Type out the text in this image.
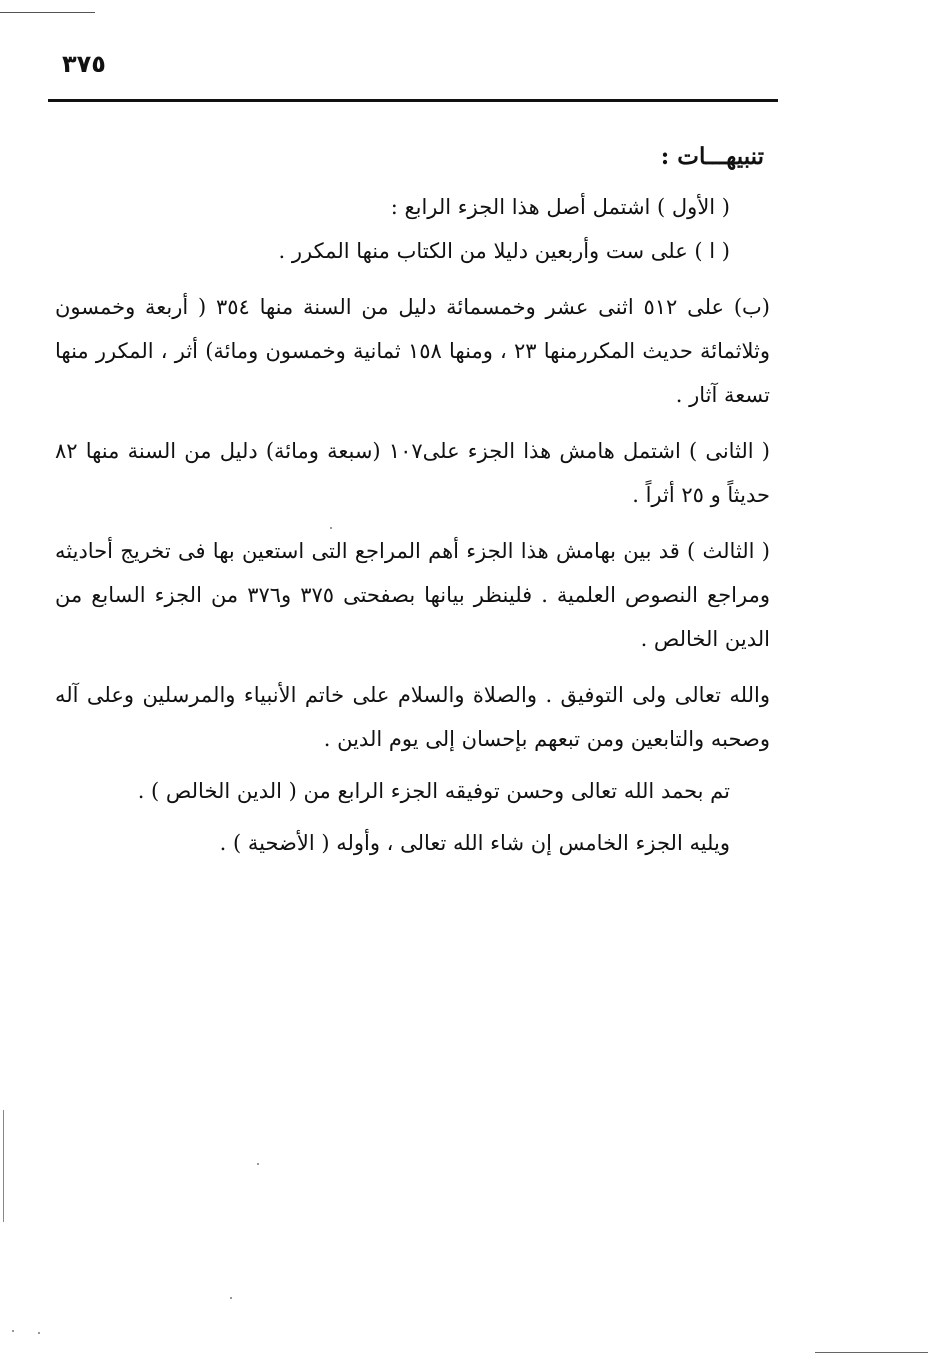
٣٧٥
تنبيهـــات :

( الأول ) اشتمل أصل هذا الجزء الرابع :

( ا ) على ست وأربعين دليلا من الكتاب منها المكرر .

(ب) على ٥١٢ اثنى عشر وخمسمائة دليل من السنة منها ٣٥٤ ( أربعة وخمسون وثلاثمائة حديث المكررمنها ٢٣ ، ومنها ١٥٨ ثمانية وخمسون ومائة) أثر ، المكرر منها تسعة آثار .

( الثانى ) اشتمل هامش هذا الجزء على١٠٧ (سبعة ومائة) دليل من السنة منها ٨٢ حديثاً و ٢٥ أثراً .

( الثالث ) قد بين بهامش هذا الجزء أهم المراجع التى استعين بها فى تخريج أحاديثه ومراجع النصوص العلمية . فلينظر بيانها بصفحتى ٣٧٥ و٣٧٦ من الجزء السابع من الدين الخالص .

والله تعالى ولى التوفيق . والصلاة والسلام على خاتم الأنبياء والمرسلين وعلى آله وصحبه والتابعين ومن تبعهم بإحسان إلى يوم الدين .

تم بحمد الله تعالى وحسن توفيقه الجزء الرابع من ( الدين الخالص ) .

ويليه الجزء الخامس إن شاء الله تعالى ، وأوله ( الأضحية ) .
